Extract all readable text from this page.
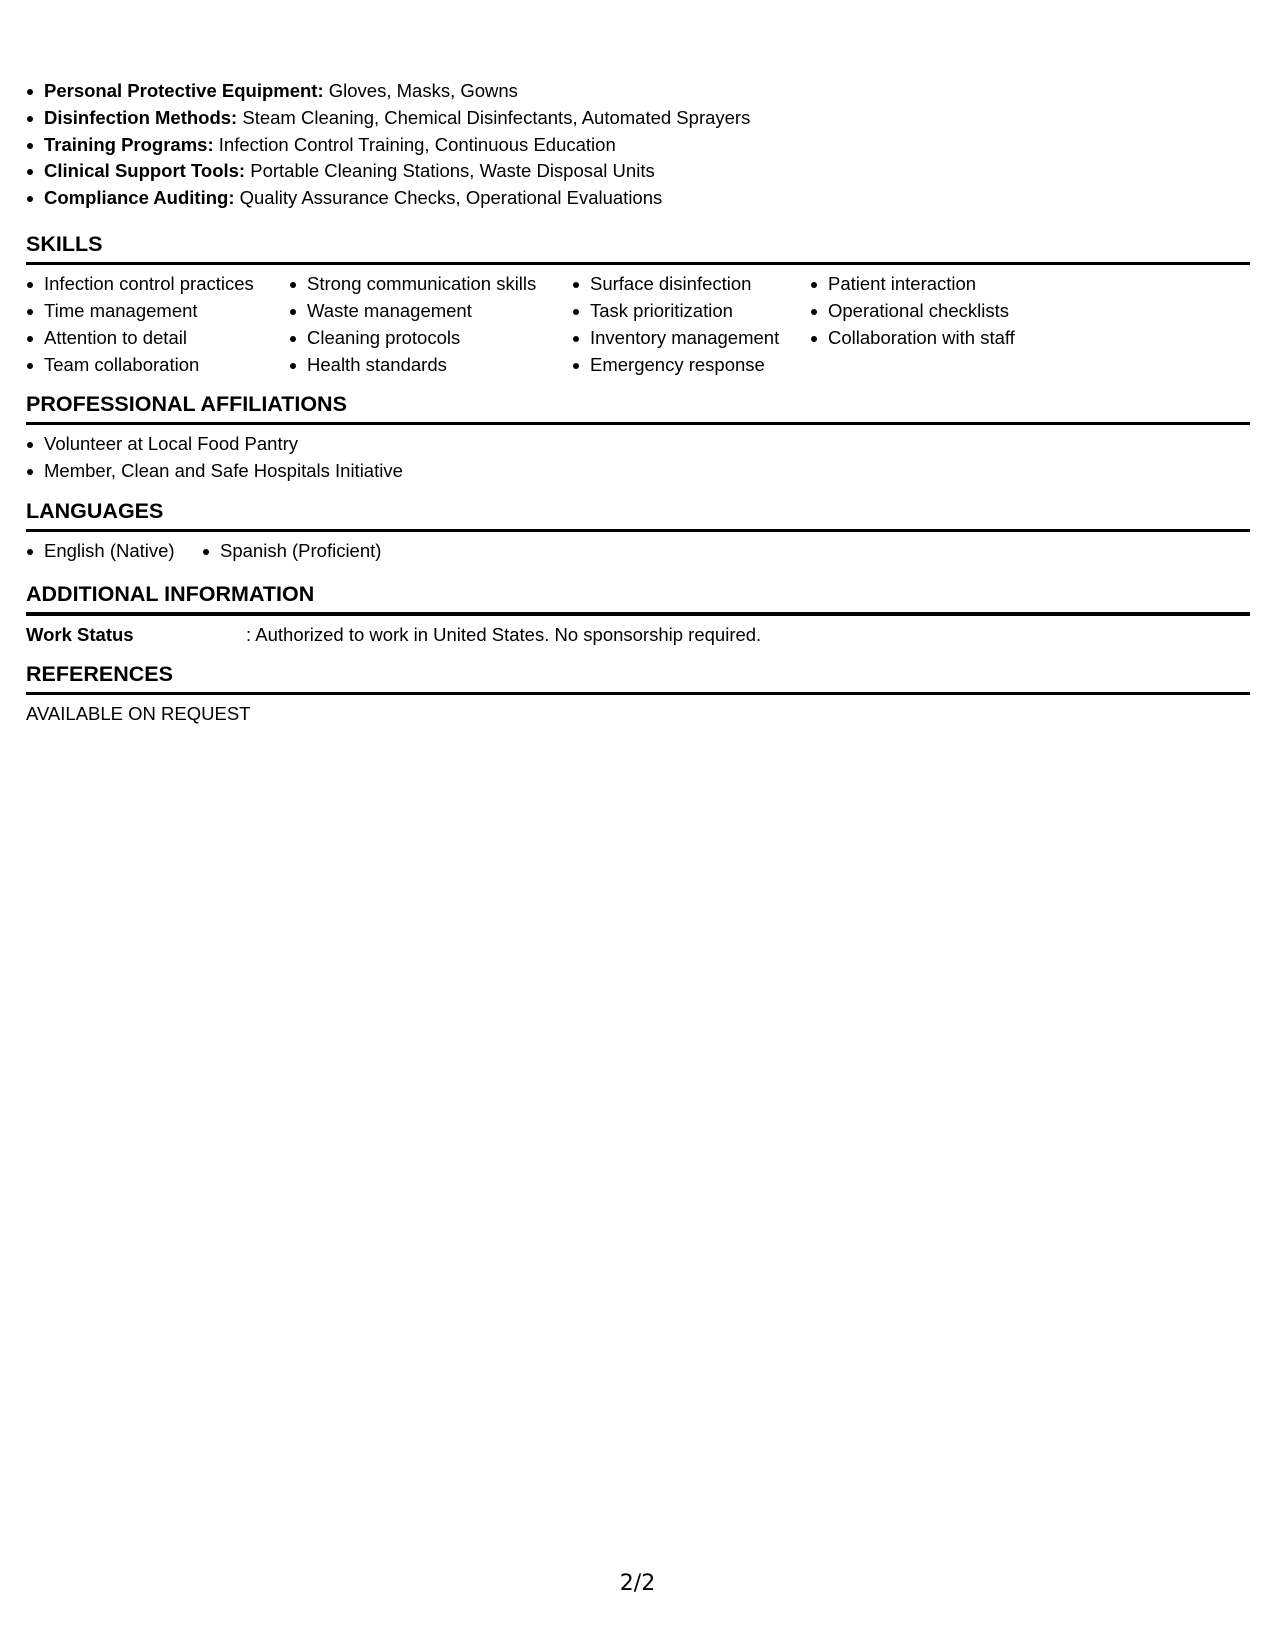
Personal Protective Equipment: Gloves, Masks, Gowns
Disinfection Methods: Steam Cleaning, Chemical Disinfectants, Automated Sprayers
Training Programs: Infection Control Training, Continuous Education
Clinical Support Tools: Portable Cleaning Stations, Waste Disposal Units
Compliance Auditing: Quality Assurance Checks, Operational Evaluations
SKILLS
Infection control practices
Time management
Attention to detail
Team collaboration
Strong communication skills
Waste management
Cleaning protocols
Health standards
Surface disinfection
Task prioritization
Inventory management
Emergency response
Patient interaction
Operational checklists
Collaboration with staff
PROFESSIONAL AFFILIATIONS
Volunteer at Local Food Pantry
Member, Clean and Safe Hospitals Initiative
LANGUAGES
English (Native)	Spanish (Proficient)
ADDITIONAL INFORMATION
Work Status	: Authorized to work in United States. No sponsorship required.
REFERENCES
AVAILABLE ON REQUEST
2/2
